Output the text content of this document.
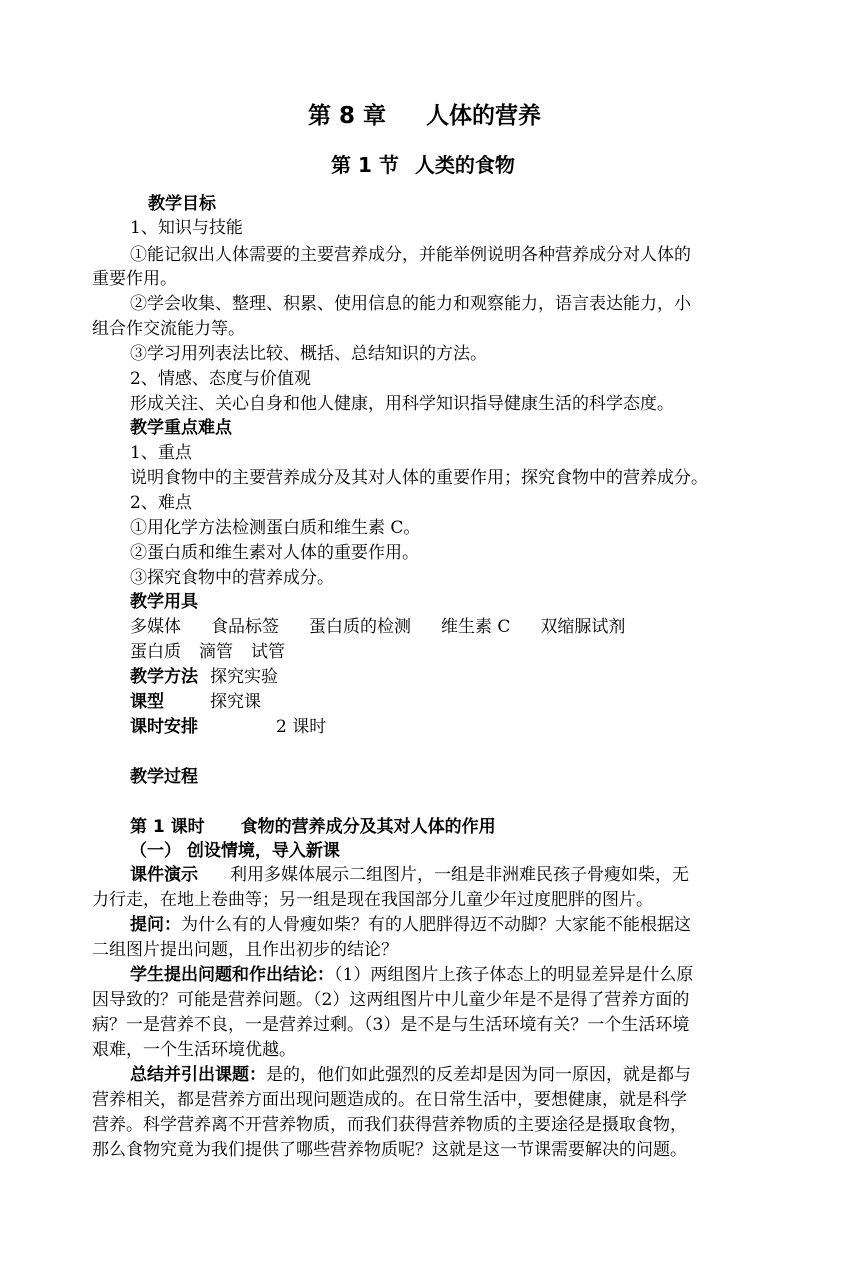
第 8 章 人体的营养
第 1 节 人类的食物
教学目标
1、知识与技能
①能记叙出人体需要的主要营养成分，并能举例说明各种营养成分对人体的
重要作用。
②学会收集、整理、积累、使用信息的能力和观察能力，语言表达能力，小
组合作交流能力等。
③学习用列表法比较、概括、总结知识的方法。
2、情感、态度与价值观
形成关注、关心自身和他人健康，用科学知识指导健康生活的科学态度。
教学重点难点
1、重点
说明食物中的主要营养成分及其对人体的重要作用；探究食物中的营养成分。
2、难点
①用化学方法检测蛋白质和维生素 C。
②蛋白质和维生素对人体的重要作用。
③探究食物中的营养成分。
教学用具
多媒体 食品标签 蛋白质的检测 维生素 C 双缩脲试剂
蛋白质 滴管 试管
教学方法 探究实验
课型	探究课
课时安排	2 课时
教学过程
第 1 课时 食物的营养成分及其对人体的作用
（一） 创设情境，导入新课
课件演示 利用多媒体展示二组图片，一组是非洲难民孩子骨瘦如柴，无
力行走，在地上卷曲等；另一组是现在我国部分儿童少年过度肥胖的图片。
提问：为什么有的人骨瘦如柴？有的人肥胖得迈不动脚？大家能不能根据这
二组图片提出问题，且作出初步的结论？
学生提出问题和作出结论：（1）两组图片上孩子体态上的明显差异是什么原
因导致的？可能是营养问题。（2）这两组图片中儿童少年是不是得了营养方面的
病？一是营养不良，一是营养过剩。（3）是不是与生活环境有关？一个生活环境
艰难，一个生活环境优越。
总结并引出课题：是的，他们如此强烈的反差却是因为同一原因，就是都与
营养相关，都是营养方面出现问题造成的。在日常生活中，要想健康，就是科学
营养。科学营养离不开营养物质，而我们获得营养物质的主要途径是摄取食物，
那么食物究竟为我们提供了哪些营养物质呢？这就是这一节课需要解决的问题。
